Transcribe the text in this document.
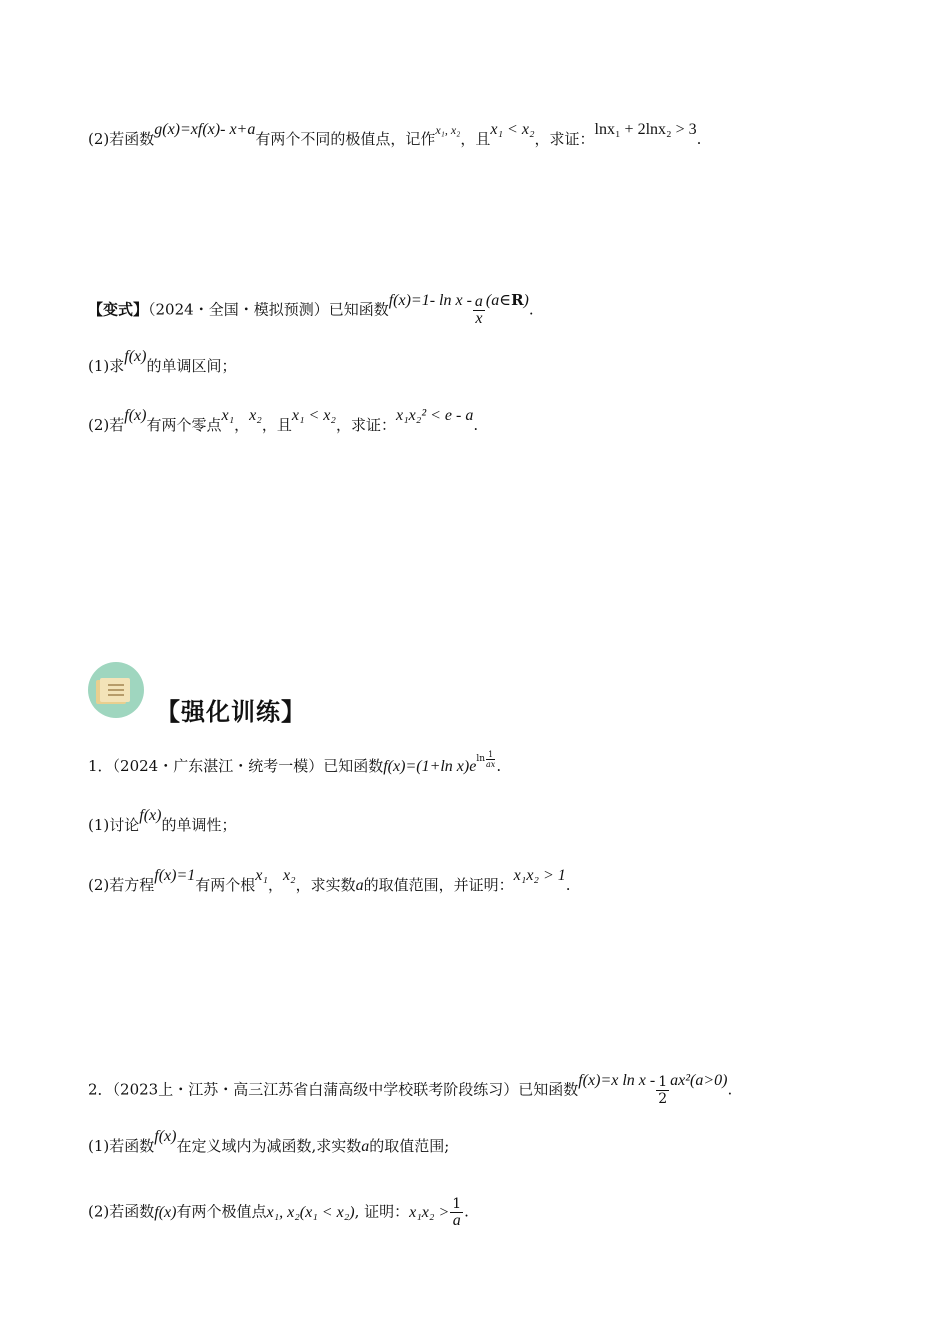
(2)若函数g(x)=xf(x)- x+a有两个不同的极值点，记作x₁, x₂，且x₁ < x₂，求证：lnx₁ + 2lnx₂ > 3.
【变式】（2024・全国・模拟预测）已知函数f(x)=1- ln x - $\frac{a}{x}$ (a∈R).
(1)求f(x)的单调区间；
(2)若f(x)有两个零点x₁，x₂，且x₁ < x₂，求证：x₁x₂² < e - a.
【强化训练】
1．（2024・广东湛江・统考一模）已知函数f(x)=(1+ln x)e $\ln \frac{1}{ax}$ .
(1)讨论f(x)的单调性；
(2)若方程f(x)=1有两个根x₁，x₂，求实数a的取值范围，并证明：x₁x₂ > 1.
2．（2023上・江苏・高三江苏省白蒲高级中学校联考阶段练习）已知函数f(x)=x $\ln x - \frac{1}{2} ax^2(a>0)$.
(1)若函数f(x)在定义域内为减函数,求实数a的取值范围;
(2)若函数f(x)有两个极值点x₁, x₂(x₁ < x₂), 证明：$x_1x_2 > \frac{1}{a}$ .
